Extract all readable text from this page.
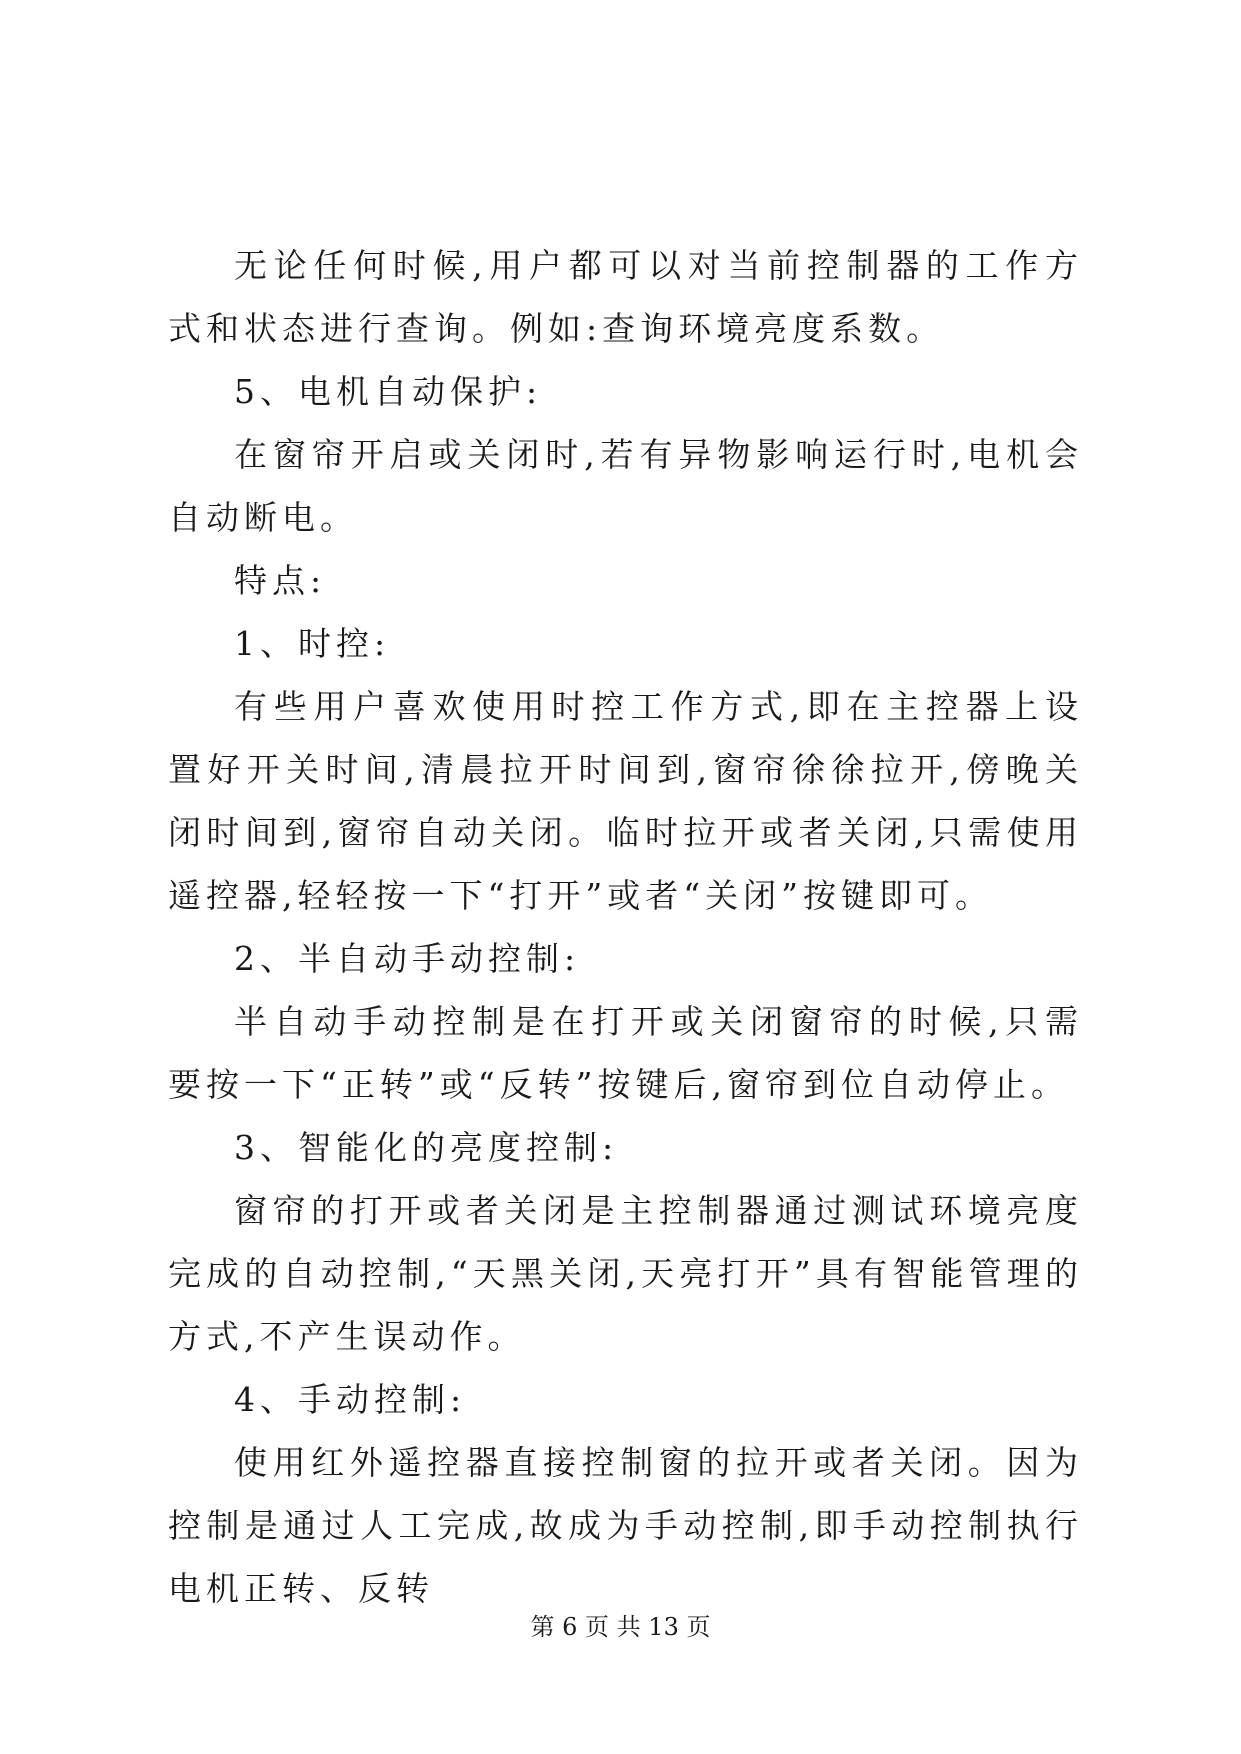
无论任何时候,用户都可以对当前控制器的工作方式和状态进行查询。例如:查询环境亮度系数。

5、电机自动保护:

在窗帘开启或关闭时,若有异物影响运行时,电机会自动断电。

特点:

1、时控:

有些用户喜欢使用时控工作方式,即在主控器上设置好开关时间,清晨拉开时间到,窗帘徐徐拉开,傍晚关闭时间到,窗帘自动关闭。临时拉开或者关闭,只需使用遥控器,轻轻按一下“打开”或者“关闭”按键即可。

2、半自动手动控制:

半自动手动控制是在打开或关闭窗帘的时候,只需要按一下“正转”或“反转”按键后,窗帘到位自动停止。

3、智能化的亮度控制:

窗帘的打开或者关闭是主控制器通过测试环境亮度完成的自动控制,“天黑关闭,天亮打开”具有智能管理的方式,不产生误动作。

4、手动控制:

使用红外遥控器直接控制窗的拉开或者关闭。因为控制是通过人工完成,故成为手动控制,即手动控制执行电机正转、反转

第 6 页 共 13 页
